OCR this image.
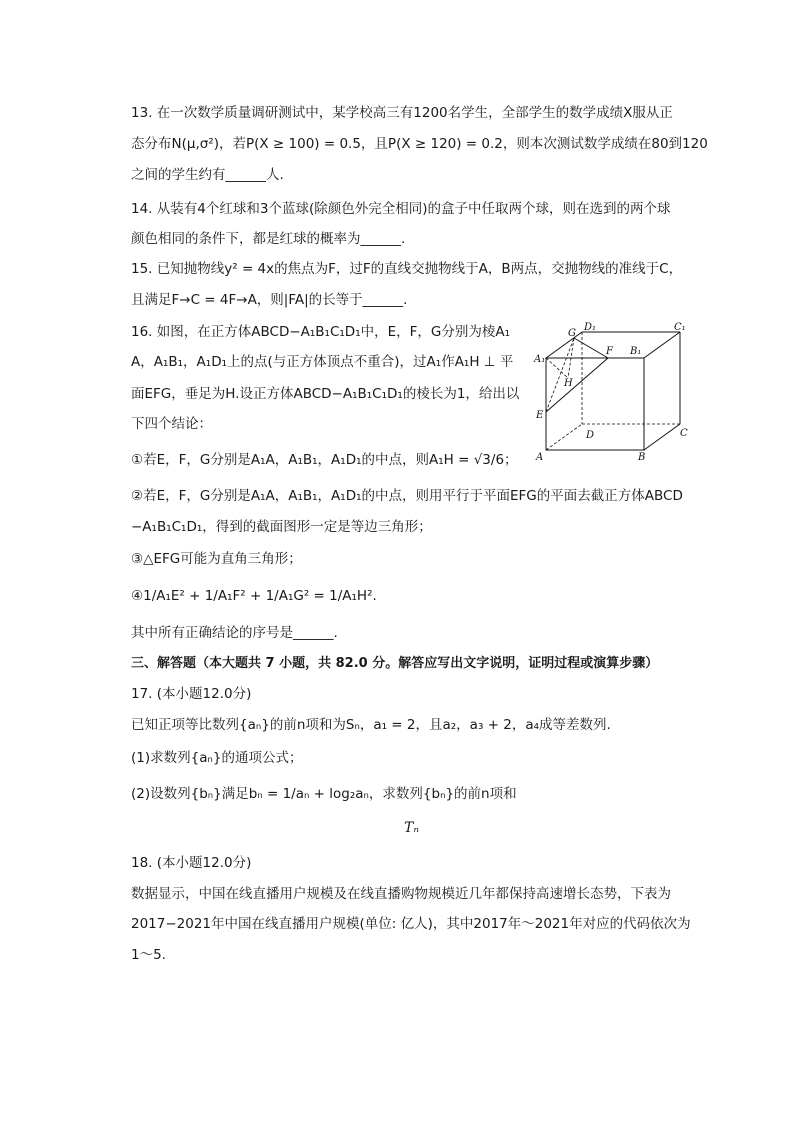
13. 在一次数学质量调研测试中，某学校高三有1200名学生，全部学生的数学成绩X服从正
态分布N(μ,σ²)，若P(X ≥ 100) = 0.5，且P(X ≥ 120) = 0.2，则本次测试数学成绩在80到120
之间的学生约有______人.
14. 从装有4个红球和3个蓝球(除颜色外完全相同)的盒子中任取两个球，则在选到的两个球
颜色相同的条件下，都是红球的概率为______.
15. 已知抛物线y² = 4x的焦点为F，过F的直线交抛物线于A，B两点，交抛物线的准线于C，
且满足F→C = 4F→A，则|FA|的长等于______.
16. 如图，在正方体ABCD−A₁B₁C₁D₁中，E，F，G分别为棱A₁
A，A₁B₁，A₁D₁上的点(与正方体顶点不重合)，过A₁作A₁H ⊥ 平
面EFG，垂足为H.设正方体ABCD−A₁B₁C₁D₁的棱长为1，给出以
下四个结论：
①若E，F，G分别是A₁A，A₁B₁，A₁D₁的中点，则A₁H = √3/6；
②若E，F，G分别是A₁A，A₁B₁，A₁D₁的中点，则用平行于平面EFG的平面去截正方体ABCD
−A₁B₁C₁D₁，得到的截面图形一定是等边三角形；
③△EFG可能为直角三角形；
④1/A₁E² + 1/A₁F² + 1/A₁G² = 1/A₁H².
其中所有正确结论的序号是______.
三、解答题（本大题共 7 小题，共 82.0 分。解答应写出文字说明，证明过程或演算步骤）
17. (本小题12.0分)
已知正项等比数列{aₙ}的前n项和为Sₙ，a₁ = 2，且a₂，a₃ + 2，a₄成等差数列.
(1)求数列{aₙ}的通项公式；
(2)设数列{bₙ}满足bₙ = 1/aₙ + log₂aₙ，求数列{bₙ}的前n项和
Tₙ
18. (本小题12.0分)
数据显示，中国在线直播用户规模及在线直播购物规模近几年都保持高速增长态势，下表为
2017−2021年中国在线直播用户规模(单位: 亿人)，其中2017年～2021年对应的代码依次为
1～5.
G
D₁	C₁
A₁
F B₁
H
E
D	C
A	B
